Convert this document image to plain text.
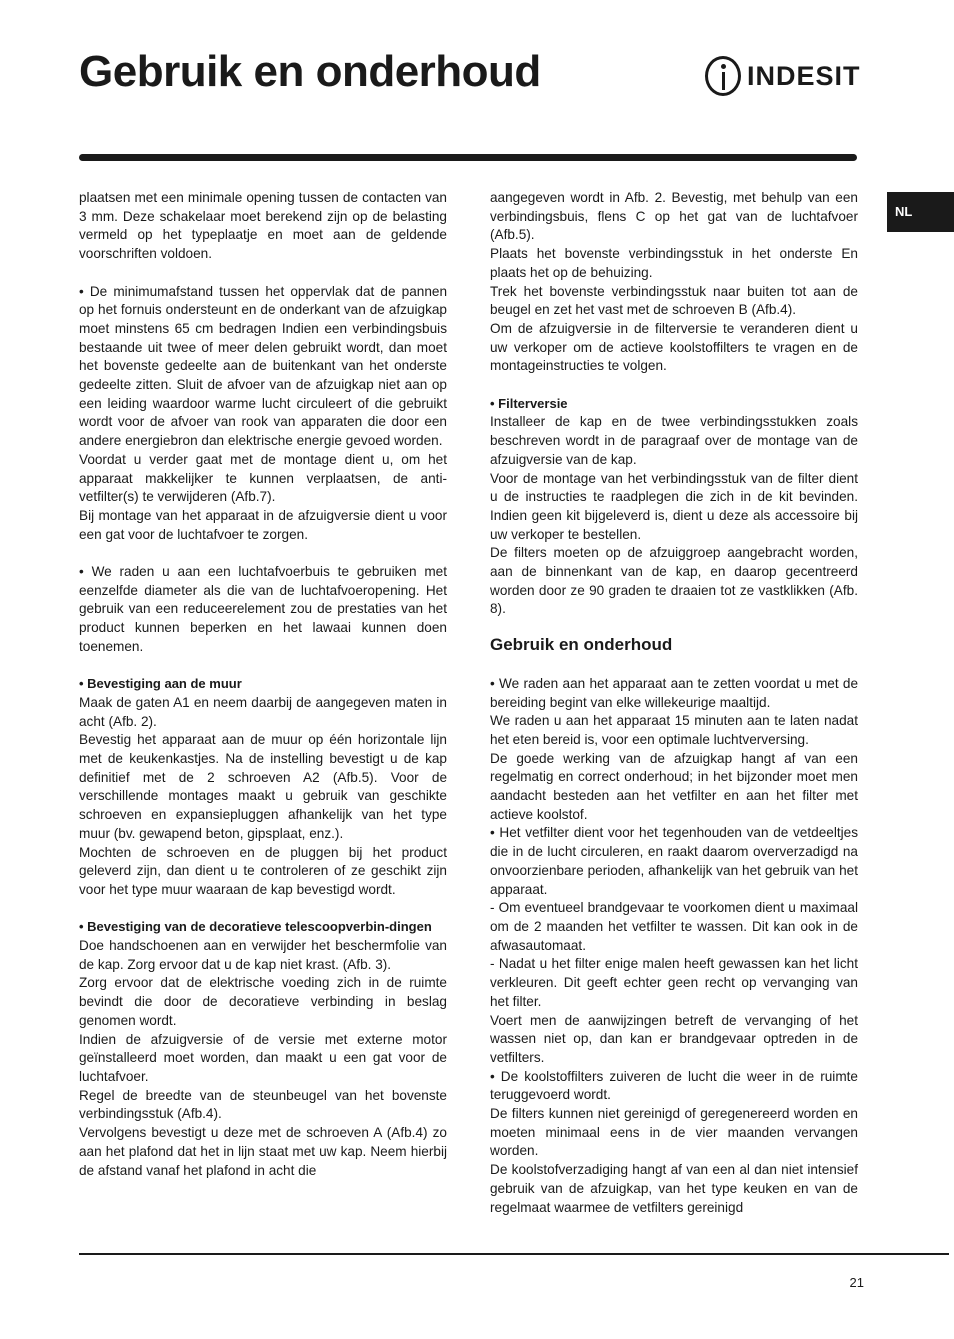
Gebruik en onderhoud	INDESIT
NL

plaatsen met een minimale opening tussen de contacten van 3 mm. Deze schakelaar moet berekend zijn op de belasting vermeld op het typeplaatje en moet aan de geldende voorschriften voldoen.

• De minimumafstand tussen het oppervlak dat de pannen op het fornuis ondersteunt en de onderkant van de afzuigkap moet minstens 65 cm bedragen Indien een verbindingsbuis bestaande uit twee of meer delen gebruikt wordt, dan moet het bovenste gedeelte aan de buitenkant van het onderste gedeelte zitten. Sluit de afvoer van de afzuigkap niet aan op een leiding waardoor warme lucht circuleert of die gebruikt wordt voor de afvoer van rook van apparaten die door een andere energiebron dan elektrische energie gevoed worden.

Voordat u verder gaat met de montage dient u, om het apparaat makkelijker te kunnen verplaatsen, de anti-vetfilter(s) te verwijderen (Afb.7).

Bij montage van het apparaat in de afzuigversie dient u voor een gat voor de luchtafvoer te zorgen.

• We raden u aan een luchtafvoerbuis te gebruiken met eenzelfde diameter als die van de luchtafvoeropening. Het gebruik van een reduceerelement zou de prestaties van het product kunnen beperken en het lawaai kunnen doen toenemen.

• Bevestiging aan de muur

Maak de gaten A1 en neem daarbij de aangegeven maten in acht (Afb. 2).

Bevestig het apparaat aan de muur op één horizontale lijn met de keukenkastjes. Na de instelling bevestigt u de kap definitief met de 2 schroeven A2 (Afb.5). Voor de verschillende montages maakt u gebruik van geschikte schroeven en expansiepluggen afhankelijk van het type muur (bv. gewapend beton, gipsplaat, enz.).

Mochten de schroeven en de pluggen bij het product geleverd zijn, dan dient u te controleren of ze geschikt zijn voor het type muur waaraan de kap bevestigd wordt.

• Bevestiging van de decoratieve telescoopverbin-dingen

Doe handschoenen aan en verwijder het beschermfolie van de kap. Zorg ervoor dat u de kap niet krast. (Afb. 3).

Zorg ervoor dat de elektrische voeding zich in de ruimte bevindt die door de decoratieve verbinding in beslag genomen wordt.

Indien de afzuigversie of de versie met externe motor geïnstalleerd moet worden, dan maakt u een gat voor de luchtafvoer.

Regel de breedte van de steunbeugel van het bovenste verbindingsstuk (Afb.4).

Vervolgens bevestigt u deze met de schroeven A (Afb.4) zo aan het plafond dat het in lijn staat met uw kap. Neem hierbij de afstand vanaf het plafond in acht die

aangegeven wordt in Afb. 2. Bevestig, met behulp van een verbindingsbuis, flens C op het gat van de luchtafvoer (Afb.5).

Plaats het bovenste verbindingsstuk in het onderste En plaats het op de behuizing.

Trek het bovenste verbindingsstuk naar buiten tot aan de beugel en zet het vast met de schroeven B (Afb.4).

Om de afzuigversie in de filterversie te veranderen dient u uw verkoper om de actieve koolstoffilters te vragen en de montageinstructies te volgen.

• Filterversie

Installeer de kap en de twee verbindingsstukken zoals beschreven wordt in de paragraaf over de montage van de afzuigversie van de kap.

Voor de montage van het verbindingsstuk van de filter dient u de instructies te raadplegen die zich in de kit bevinden. Indien geen kit bijgeleverd is, dient u deze als accessoire bij uw verkoper te bestellen.

De filters moeten op de afzuiggroep aangebracht worden, aan de binnenkant van de kap, en daarop gecentreerd worden door ze 90 graden te draaien tot ze vastklikken (Afb. 8).

Gebruik en onderhoud

• We raden aan het apparaat aan te zetten voordat u met de bereiding begint van elke willekeurige maaltijd.

We raden u aan het apparaat 15 minuten aan te laten nadat het eten bereid is, voor een optimale luchtverversing.

De goede werking van de afzuigkap hangt af van een regelmatig en correct onderhoud; in het bijzonder moet men aandacht besteden aan het vetfilter en aan het filter met actieve koolstof.

• Het vetfilter dient voor het tegenhouden van de vetdeeltjes die in de lucht circuleren, en raakt daarom oververzadigd na onvoorzienbare perioden, afhankelijk van het gebruik van het apparaat.

- Om eventueel brandgevaar te voorkomen dient u maximaal om de 2 maanden het vetfilter te wassen. Dit kan ook in de afwasautomaat.

- Nadat u het filter enige malen heeft gewassen kan het licht verkleuren. Dit geeft echter geen recht op vervanging van het filter.

Voert men de aanwijzingen betreft de vervanging of het wassen niet op, dan kan er brandgevaar optreden in de vetfilters.

• De koolstoffilters zuiveren de lucht die weer in de ruimte teruggevoerd wordt.

De filters kunnen niet gereinigd of geregenereerd worden en moeten minimaal eens in de vier maanden vervangen worden.

De koolstofverzadiging hangt af van een al dan niet intensief gebruik van de afzuigkap, van het type keuken en van de regelmaat waarmee de vetfilters gereinigd

21
